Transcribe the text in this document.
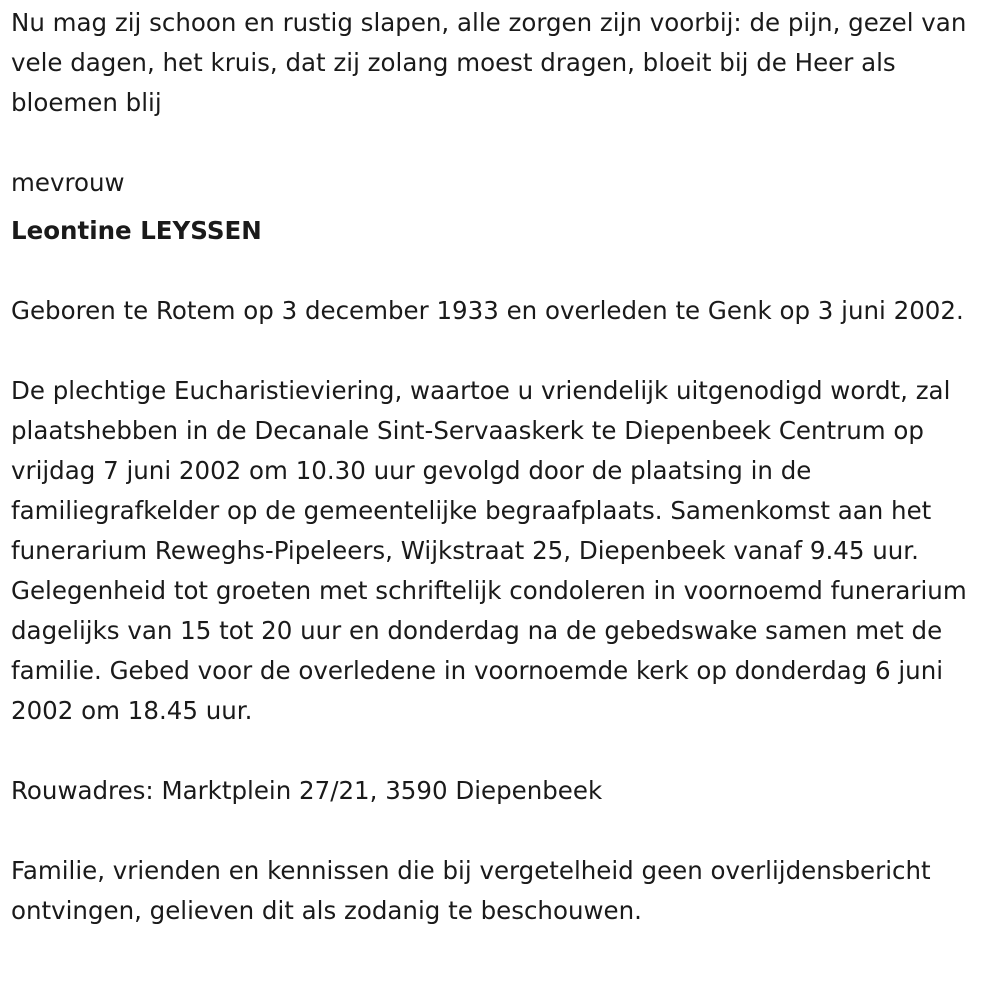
Nu mag zij schoon en rustig slapen, alle zorgen zijn voorbij: de pijn, gezel van vele dagen, het kruis, dat zij zolang moest dragen, bloeit bij de Heer als bloemen blij

mevrouw

Leontine LEYSSEN

Geboren te Rotem op 3 december 1933 en overleden te Genk op 3 juni 2002.

De plechtige Eucharistieviering, waartoe u vriendelijk uitgenodigd wordt, zal plaatshebben in de Decanale Sint-Servaaskerk te Diepenbeek Centrum op vrijdag 7 juni 2002 om 10.30 uur gevolgd door de plaatsing in de familiegrafkelder op de gemeentelijke begraafplaats. Samenkomst aan het funerarium Reweghs-Pipeleers, Wijkstraat 25, Diepenbeek vanaf 9.45 uur. Gelegenheid tot groeten met schriftelijk condoleren in voornoemd funerarium dagelijks van 15 tot 20 uur en donderdag na de gebedswake samen met de familie. Gebed voor de overledene in voornoemde kerk op donderdag 6 juni 2002 om 18.45 uur.

Rouwadres: Marktplein 27/21, 3590 Diepenbeek

Familie, vrienden en kennissen die bij vergetelheid geen overlijdensbericht ontvingen, gelieven dit als zodanig te beschouwen.
